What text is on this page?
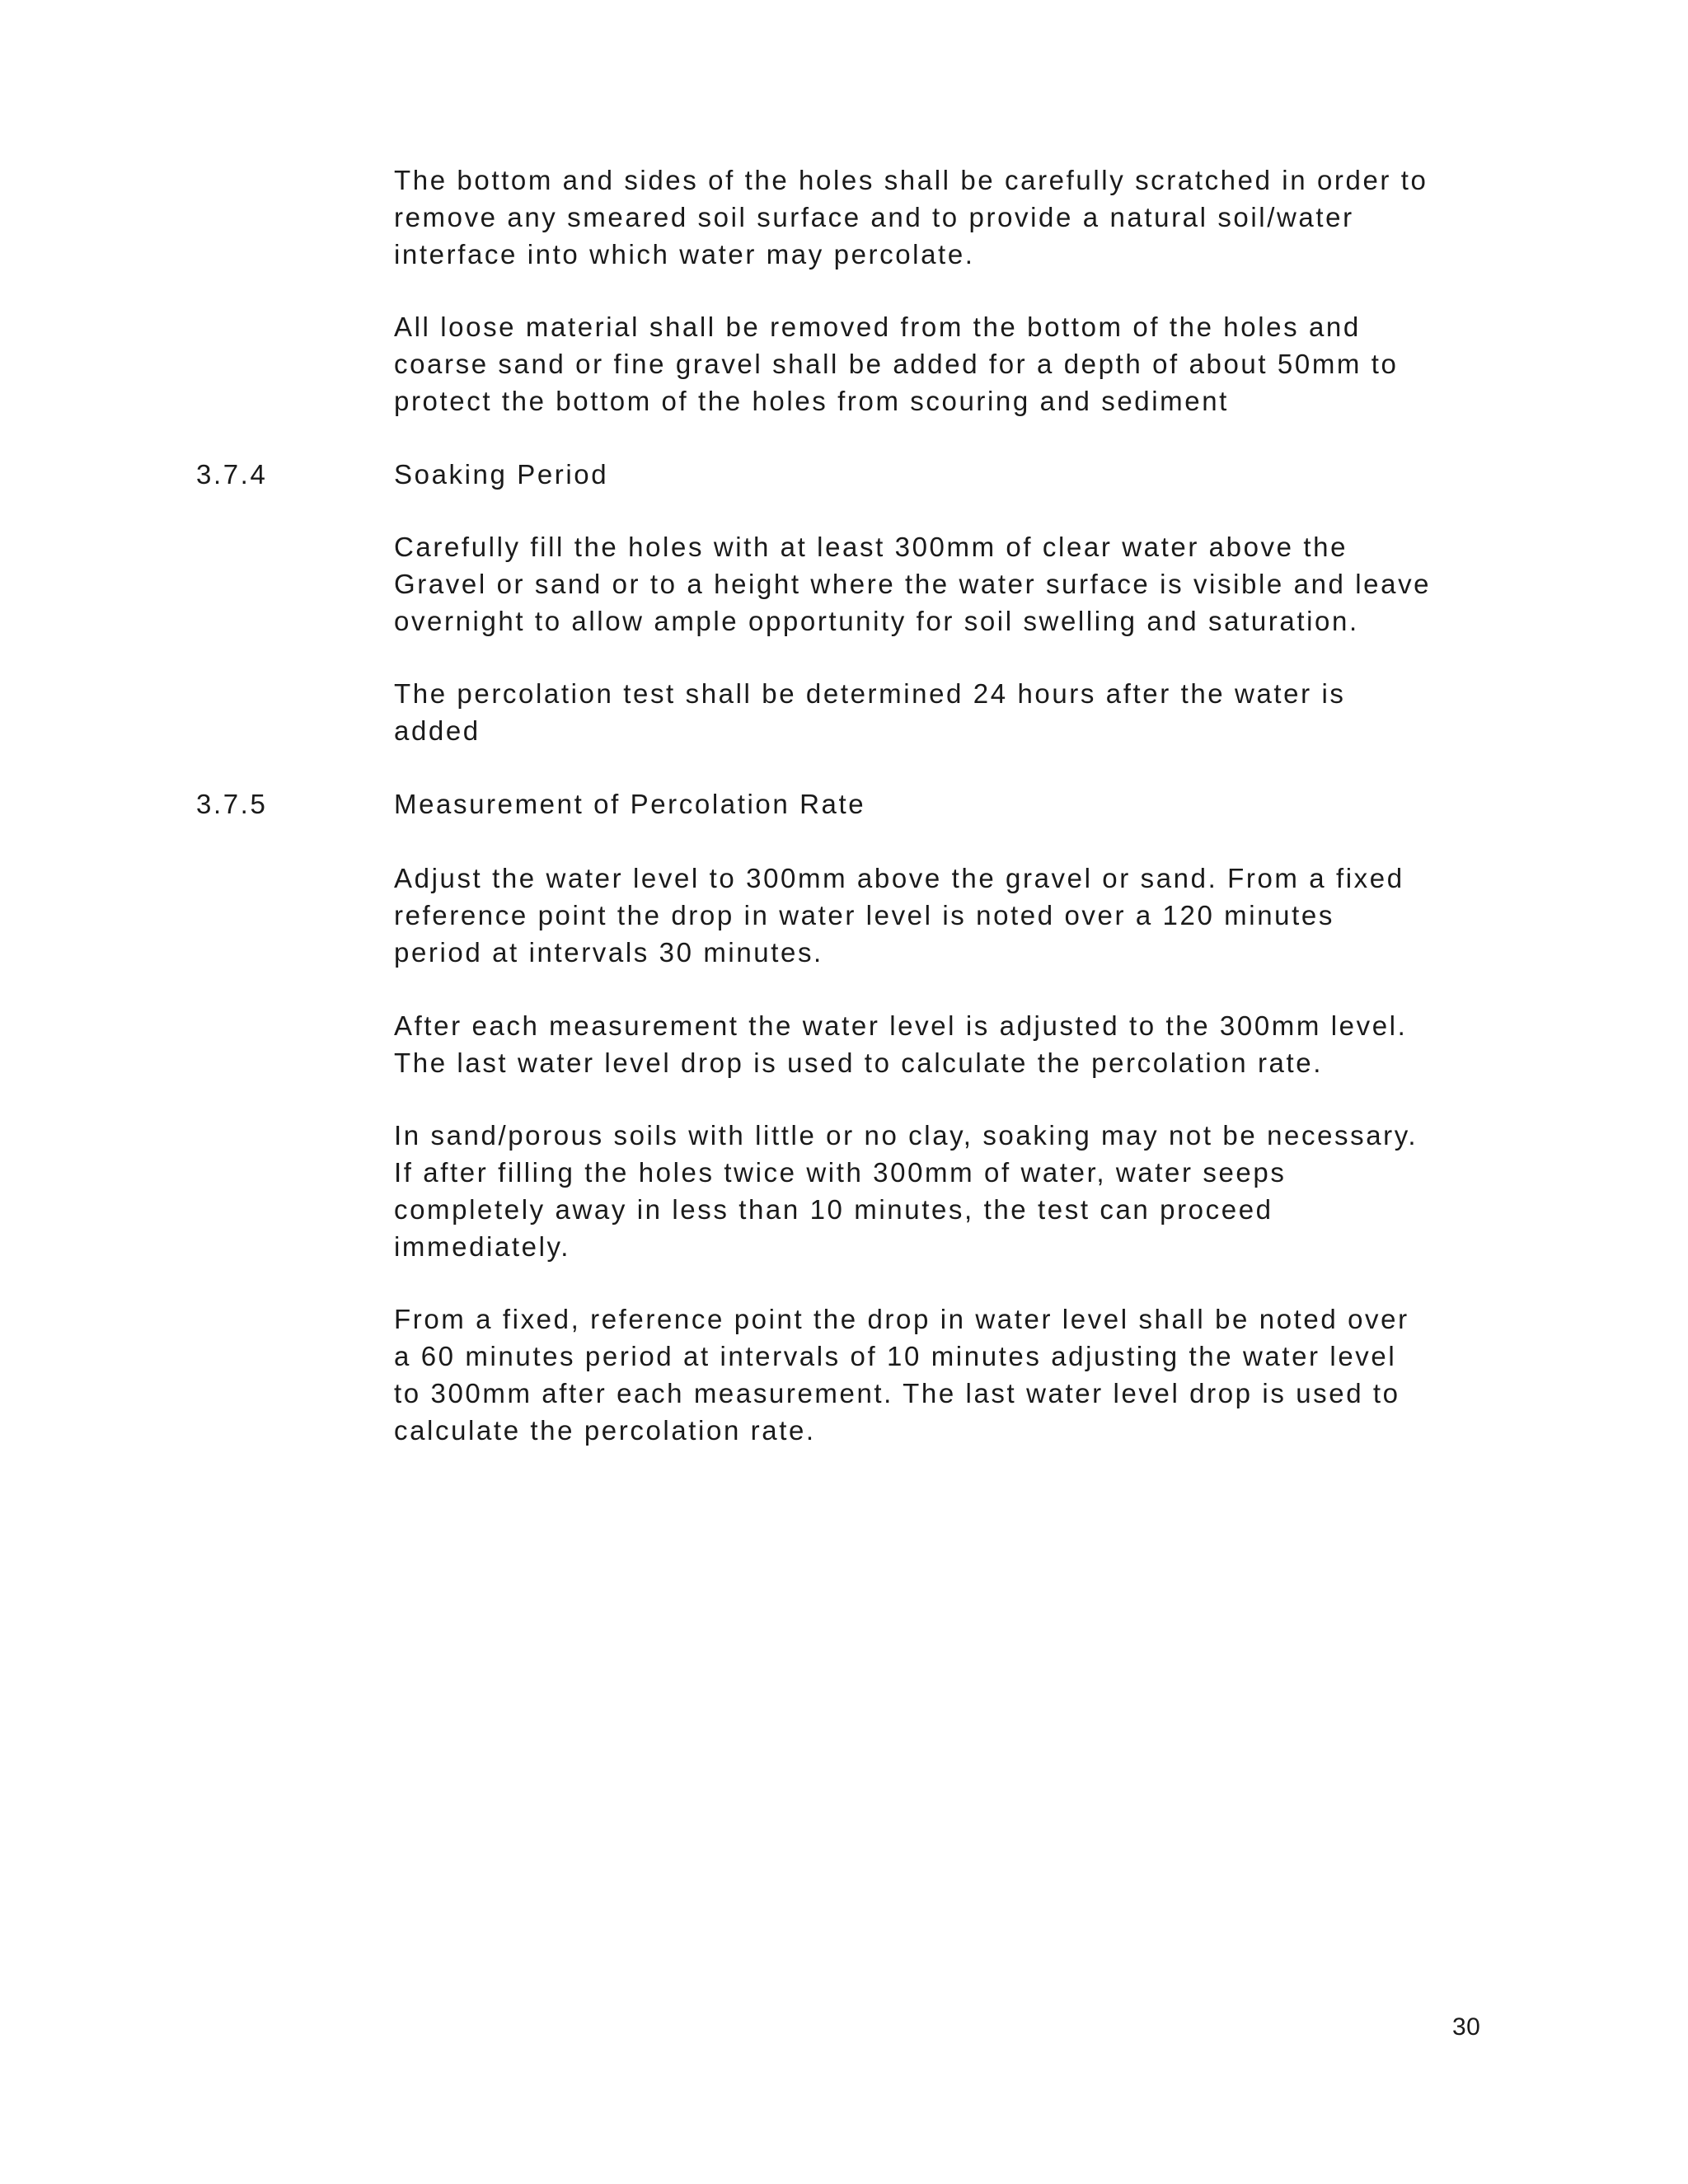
The bottom and sides of the holes shall be carefully scratched in order to
remove any smeared soil surface and to provide a natural soil/water
interface into which water may percolate.
All loose material shall be removed from the bottom of the holes and
coarse sand or fine gravel shall be added for a depth of about 50mm to
protect the bottom of the holes from scouring and sediment
3.7.4	Soaking Period
Carefully fill the holes with at least 300mm of clear water above the
Gravel or sand or to a height where the water surface is visible and leave
overnight to allow ample opportunity for soil swelling and saturation.
The percolation test shall be determined 24 hours after the water is
added
3.7.5	Measurement of Percolation Rate
Adjust the water level to 300mm above the gravel or sand. From a fixed
reference point the drop in water level is noted over a 120 minutes
period at intervals 30 minutes.
After each measurement the water level is adjusted to the 300mm level.
The last water level drop is used to calculate the percolation rate.
In sand/porous soils with little or no clay, soaking may not be necessary.
If after filling the holes twice with 300mm of water, water seeps
completely away in less than 10 minutes, the test can proceed
immediately.
From a fixed, reference point the drop in water level shall be noted over
a 60 minutes period at intervals of 10 minutes adjusting the water level
to 300mm after each measurement. The last water level drop is used to
calculate the percolation rate.
30
